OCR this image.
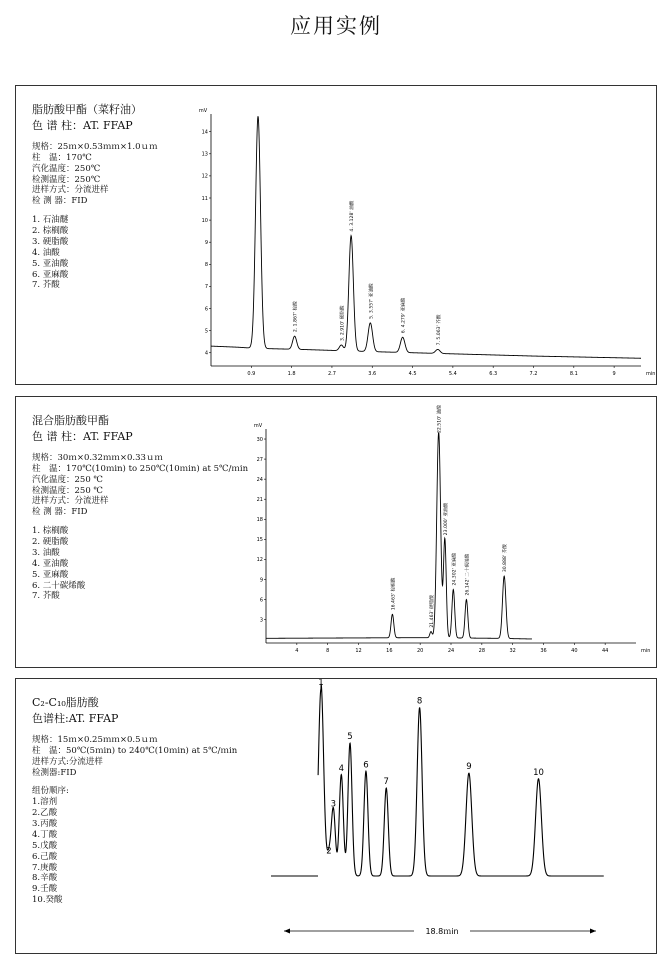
应用实例
脂肪酸甲酯（菜籽油）
色 谱 柱：AT. FFAP
规格：25ｍ×0.53ｍｍ×1.0ｕｍ
柱　温：170℃
汽化温度：250℃
检测温度：250℃
进样方式：分流进样
检 测 器：FID
1. 石油醚
2. 棕榈酸
3. 硬脂酸
4. 油酸
5. 亚油酸
6. 亚麻酸
7. 芥酸
mV
min
4
5
6
7
8
9
10
11
12
13
14
0.9	1.8	2.7	3.6	4.5	5.4	6.3	7.2	8.1	9
2. 1.867' 棕酸	3. 2.910' 硬脂酸
4. 3.128' 油酸
5. 3.557' 亚油酸	6. 4.279' 亚麻酸	7. 5.063' 芥酸
混合脂肪酸甲酯
色 谱 柱：AT. FFAP
规格：30ｍ×0.32ｍｍ×0.33ｕｍ
柱　温：170℃(10ｍin) to 250℃(10ｍin) at 5℃/ｍin
汽化温度：250 ℃
检测温度：250 ℃
进样方式：分流进样
检 测 器：FID
1. 棕榈酸
2. 硬脂酸
3. 油酸
4. 亚油酸
5. 亚麻酸
6. 二十碳烯酸
7. 芥酸
mV
min
3
6
9
12
15
18
21
24
27
30
4	8	12	16	20	24	28	32	36	40	44
16.463' 棕榈酸
21.463' 硬脂酸
22.510' 油酸
23.000' 亚油酸
24.302' 亚麻酸	26.142' 二十碳烯酸	30.888' 芥酸
C₂-C₁₀脂肪酸
色谱柱:AT. FFAP
规格：15ｍ×0.25ｍｍ×0.5ｕｍ
柱　温：50℃(5ｍin) to 240℃(10ｍin) at 5℃/ｍin
进样方式:分流进样
检测器:FID
组份顺序:
1.溶剂
2.乙酸
3.丙酸
4.丁酸
5.戊酸
6.己酸
7.庚酸
8.辛酸
9.壬酸
10.癸酸
1
2
3
4
5
6
7
8
9
10
18.8ｍin
